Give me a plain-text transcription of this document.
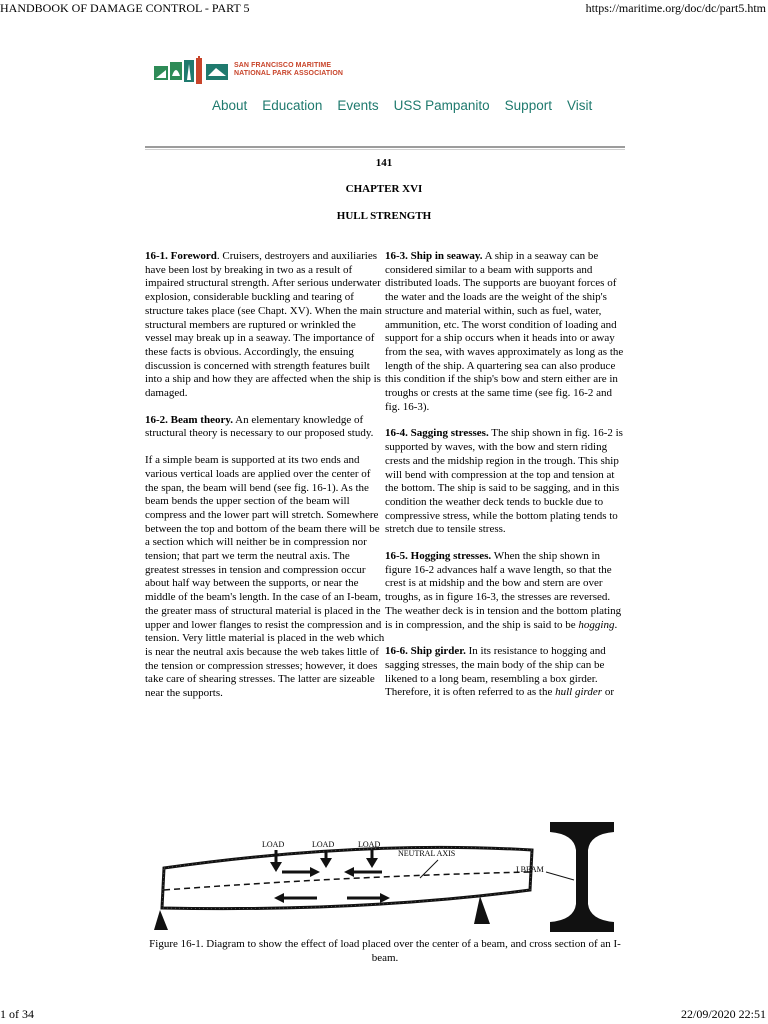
HANDBOOK OF DAMAGE CONTROL - PART 5	https://maritime.org/doc/dc/part5.htm
SAN FRANCISCO MARITIME
NATIONAL PARK ASSOCIATION
About Education Events USS Pampanito Support Visit
141
CHAPTER XVI
HULL STRENGTH

16-1. Foreword. Cruisers, destroyers and auxiliaries have been lost by breaking in two as a result of impaired structural strength. After serious underwater explosion, considerable buckling and tearing of structure takes place (see Chapt. XV). When the main structural members are ruptured or wrinkled the vessel may break up in a seaway. The importance of these facts is obvious. Accordingly, the ensuing discussion is concerned with strength features built into a ship and how they are affected when the ship is damaged.

16-2. Beam theory. An elementary knowledge of structural theory is necessary to our proposed study.

If a simple beam is supported at its two ends and various vertical loads are applied over the center of the span, the beam will bend (see fig. 16-1). As the beam bends the upper section of the beam will compress and the lower part will stretch. Somewhere between the top and bottom of the beam there will be a section which will neither be in compression nor tension; that part we term the neutral axis. The greatest stresses in tension and compression occur about half way between the supports, or near the middle of the beam's length. In the case of an I-beam, the greater mass of structural material is placed in the upper and lower flanges to resist the compression and tension. Very little material is placed in the web which is near the neutral axis because the web takes little of the tension or compression stresses; however, it does take care of shearing stresses. The latter are sizeable near the supports.

16-3. Ship in seaway. A ship in a seaway can be considered similar to a beam with supports and distributed loads. The supports are buoyant forces of the water and the loads are the weight of the ship's structure and material within, such as fuel, water, ammunition, etc. The worst condition of loading and support for a ship occurs when it heads into or away from the sea, with waves approximately as long as the length of the ship. A quartering sea can also produce this condition if the ship's bow and stern either are in troughs or crests at the same time (see fig. 16-2 and fig. 16-3).

16-4. Sagging stresses. The ship shown in fig. 16-2 is supported by waves, with the bow and stern riding crests and the midship region in the trough. This ship will bend with compression at the top and tension at the bottom. The ship is said to be sagging, and in this condition the weather deck tends to buckle due to compressive stress, while the bottom plating tends to stretch due to tensile stress.

16-5. Hogging stresses. When the ship shown in figure 16-2 advances half a wave length, so that the crest is at midship and the bow and stern are over troughs, as in figure 16-3, the stresses are reversed. The weather deck is in tension and the bottom plating is in compression, and the ship is said to be hogging.

16-6. Ship girder. In its resistance to hogging and sagging stresses, the main body of the ship can be likened to a long beam, resembling a box girder. Therefore, it is often referred to as the hull girder or

LOAD	LOAD	LOAD
NEUTRAL AXIS
I BEAM
Figure 16-1. Diagram to show the effect of load placed over the center of a beam, and cross section of an I-beam.
1 of 34	22/09/2020 22:51
